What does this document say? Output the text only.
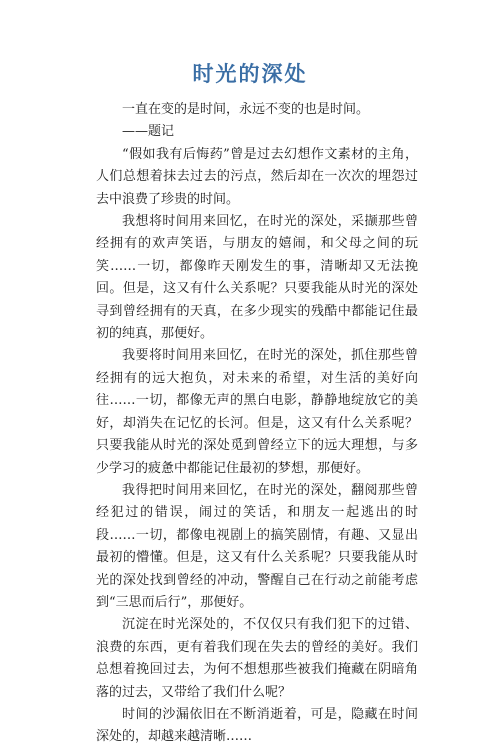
时光的深处

一直在变的是时间，永远不变的也是时间。

——题记

“假如我有后悔药”曾是过去幻想作文素材的主角，人们总想着抹去过去的污点，然后却在一次次的埋怨过去中浪费了珍贵的时间。

我想将时间用来回忆，在时光的深处，采撷那些曾经拥有的欢声笑语，与朋友的嬉闹，和父母之间的玩笑……一切，都像昨天刚发生的事，清晰却又无法挽回。但是，这又有什么关系呢？只要我能从时光的深处寻到曾经拥有的天真，在多少现实的残酷中都能记住最初的纯真，那便好。

我要将时间用来回忆，在时光的深处，抓住那些曾经拥有的远大抱负，对未来的希望，对生活的美好向往……一切，都像无声的黑白电影，静静地绽放它的美好，却消失在记忆的长河。但是，这又有什么关系呢？只要我能从时光的深处觅到曾经立下的远大理想，与多少学习的疲惫中都能记住最初的梦想，那便好。

我得把时间用来回忆，在时光的深处，翻阅那些曾经犯过的错误，闹过的笑话，和朋友一起逃出的时段……一切，都像电视剧上的搞笑剧情，有趣、又显出最初的懵懂。但是，这又有什么关系呢？只要我能从时光的深处找到曾经的冲动，警醒自己在行动之前能考虑到“三思而后行”，那便好。

沉淀在时光深处的，不仅仅只有我们犯下的过错、浪费的东西，更有着我们现在失去的曾经的美好。我们总想着挽回过去，为何不想想那些被我们掩藏在阴暗角落的过去，又带给了我们什么呢？

时间的沙漏依旧在不断消逝着，可是，隐藏在时间深处的，却越来越清晰……
